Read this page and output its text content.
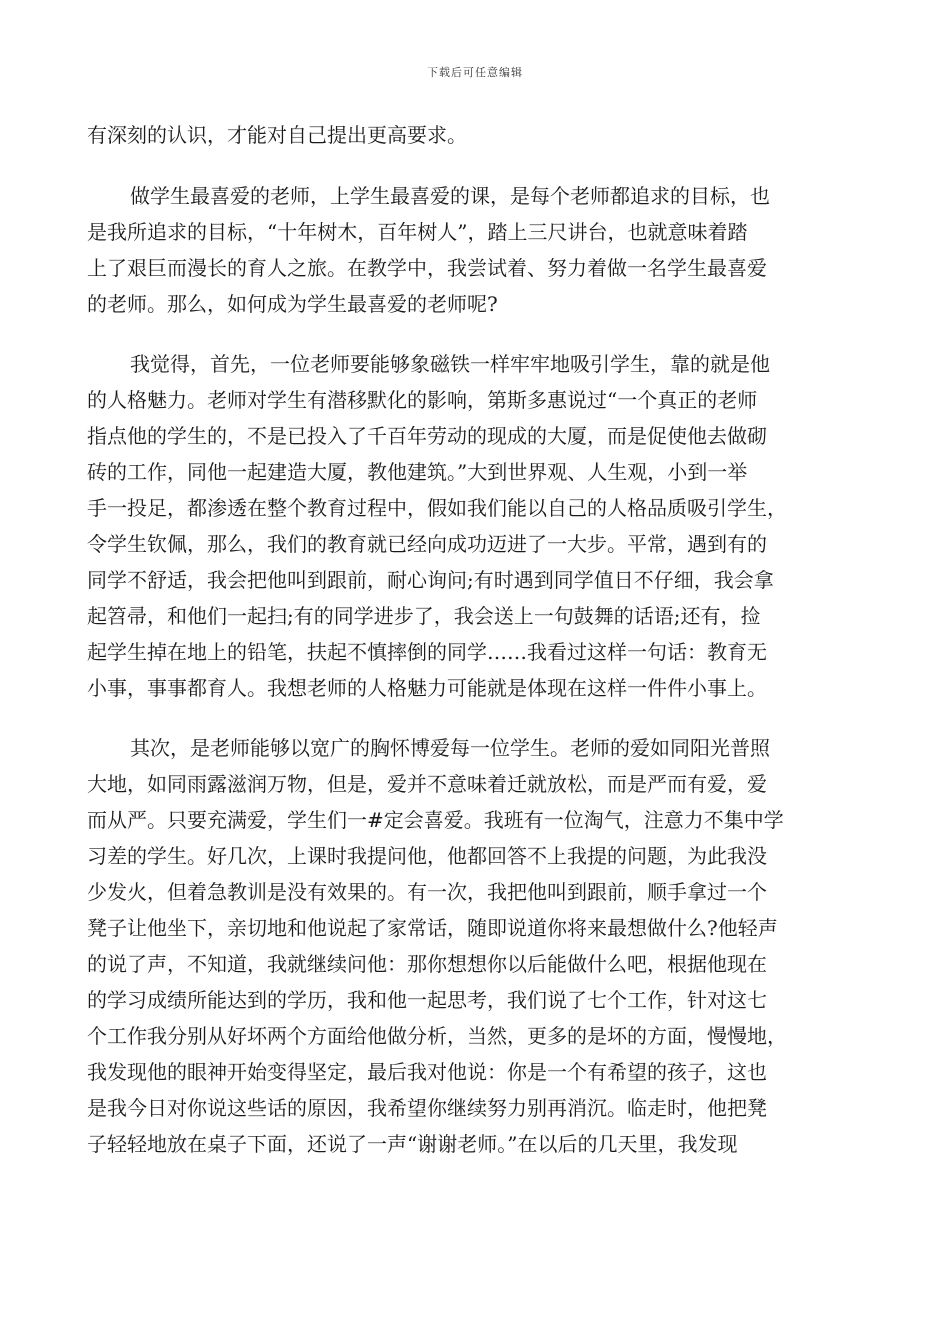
下载后可任意编辑
有深刻的认识，才能对自己提出更高要求。
做学生最喜爱的老师，上学生最喜爱的课，是每个老师都追求的目标，也
是我所追求的目标，“十年树木，百年树人”，踏上三尺讲台，也就意味着踏
上了艰巨而漫长的育人之旅。在教学中，我尝试着、努力着做一名学生最喜爱
的老师。那么，如何成为学生最喜爱的老师呢?
我觉得，首先，一位老师要能够象磁铁一样牢牢地吸引学生，靠的就是他
的人格魅力。老师对学生有潜移默化的影响，第斯多惠说过“一个真正的老师
指点他的学生的，不是已投入了千百年劳动的现成的大厦，而是促使他去做砌
砖的工作，同他一起建造大厦，教他建筑。”大到世界观、人生观，小到一举
手一投足，都渗透在整个教育过程中，假如我们能以自己的人格品质吸引学生，
令学生钦佩，那么，我们的教育就已经向成功迈进了一大步。平常，遇到有的
同学不舒适，我会把他叫到跟前，耐心询问;有时遇到同学值日不仔细，我会拿
起笤帚，和他们一起扫;有的同学进步了，我会送上一句鼓舞的话语;还有，捡
起学生掉在地上的铅笔，扶起不慎摔倒的同学……我看过这样一句话：教育无
小事，事事都育人。我想老师的人格魅力可能就是体现在这样一件件小事上。
其次，是老师能够以宽广的胸怀博爱每一位学生。老师的爱如同阳光普照
大地，如同雨露滋润万物，但是，爱并不意味着迁就放松，而是严而有爱，爱
而从严。只要充满爱，学生们一#定会喜爱。我班有一位淘气，注意力不集中学
习差的学生。好几次，上课时我提问他，他都回答不上我提的问题，为此我没
少发火，但着急教训是没有效果的。有一次，我把他叫到跟前，顺手拿过一个
凳子让他坐下，亲切地和他说起了家常话，随即说道你将来最想做什么?他轻声
的说了声，不知道，我就继续问他：那你想想你以后能做什么吧，根据他现在
的学习成绩所能达到的学历，我和他一起思考，我们说了七个工作，针对这七
个工作我分别从好坏两个方面给他做分析，当然，更多的是坏的方面，慢慢地，
我发现他的眼神开始变得坚定，最后我对他说：你是一个有希望的孩子，这也
是我今日对你说这些话的原因，我希望你继续努力别再消沉。临走时，他把凳
子轻轻地放在桌子下面，还说了一声“谢谢老师。”在以后的几天里，我发现
